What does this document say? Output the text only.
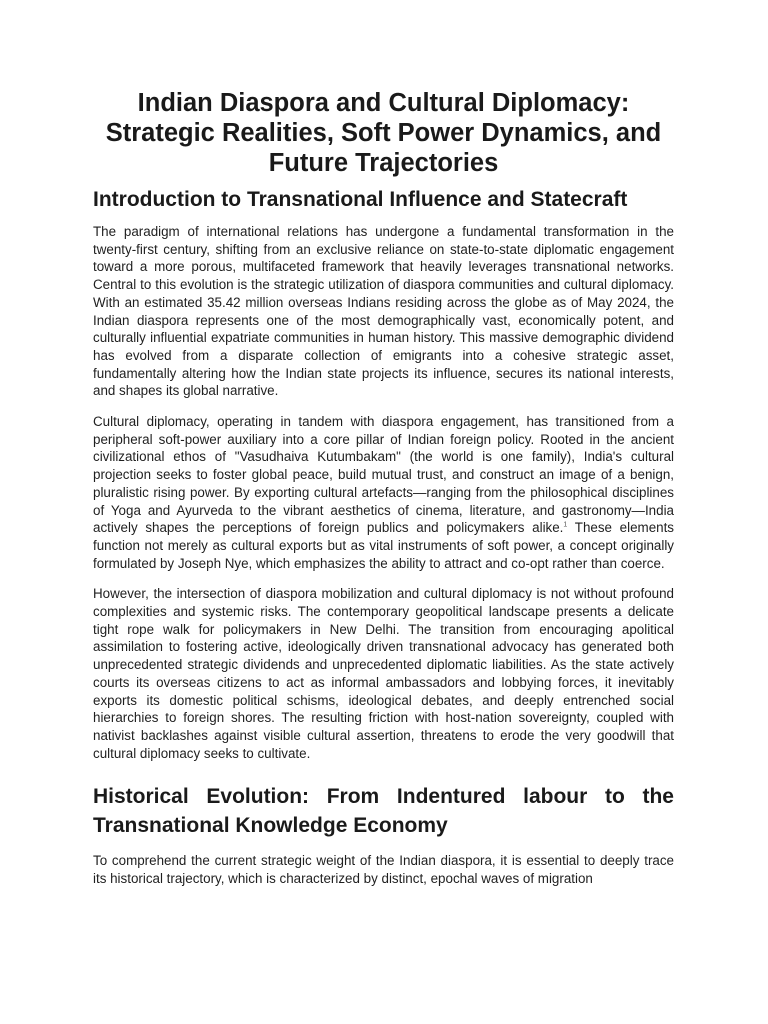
Indian Diaspora and Cultural Diplomacy: Strategic Realities, Soft Power Dynamics, and Future Trajectories
Introduction to Transnational Influence and Statecraft

The paradigm of international relations has undergone a fundamental transformation in the twenty-first century, shifting from an exclusive reliance on state-to-state diplomatic engagement toward a more porous, multifaceted framework that heavily leverages transnational networks. Central to this evolution is the strategic utilization of diaspora communities and cultural diplomacy. With an estimated 35.42 million overseas Indians residing across the globe as of May 2024, the Indian diaspora represents one of the most demographically vast, economically potent, and culturally influential expatriate communities in human history. This massive demographic dividend has evolved from a disparate collection of emigrants into a cohesive strategic asset, fundamentally altering how the Indian state projects its influence, secures its national interests, and shapes its global narrative.

Cultural diplomacy, operating in tandem with diaspora engagement, has transitioned from a peripheral soft-power auxiliary into a core pillar of Indian foreign policy. Rooted in the ancient civilizational ethos of "Vasudhaiva Kutumbakam" (the world is one family), India's cultural projection seeks to foster global peace, build mutual trust, and construct an image of a benign, pluralistic rising power. By exporting cultural artefacts—ranging from the philosophical disciplines of Yoga and Ayurveda to the vibrant aesthetics of cinema, literature, and gastronomy—India actively shapes the perceptions of foreign publics and policymakers alike.$^1$ These elements function not merely as cultural exports but as vital instruments of soft power, a concept originally formulated by Joseph Nye, which emphasizes the ability to attract and co-opt rather than coerce.

However, the intersection of diaspora mobilization and cultural diplomacy is not without profound complexities and systemic risks. The contemporary geopolitical landscape presents a delicate tight rope walk for policymakers in New Delhi. The transition from encouraging apolitical assimilation to fostering active, ideologically driven transnational advocacy has generated both unprecedented strategic dividends and unprecedented diplomatic liabilities. As the state actively courts its overseas citizens to act as informal ambassadors and lobbying forces, it inevitably exports its domestic political schisms, ideological debates, and deeply entrenched social hierarchies to foreign shores. The resulting friction with host-nation sovereignty, coupled with nativist backlashes against visible cultural assertion, threatens to erode the very goodwill that cultural diplomacy seeks to cultivate.

Historical Evolution: From Indentured labour to the Transnational Knowledge Economy

To comprehend the current strategic weight of the Indian diaspora, it is essential to deeply trace its historical trajectory, which is characterized by distinct, epochal waves of migration
